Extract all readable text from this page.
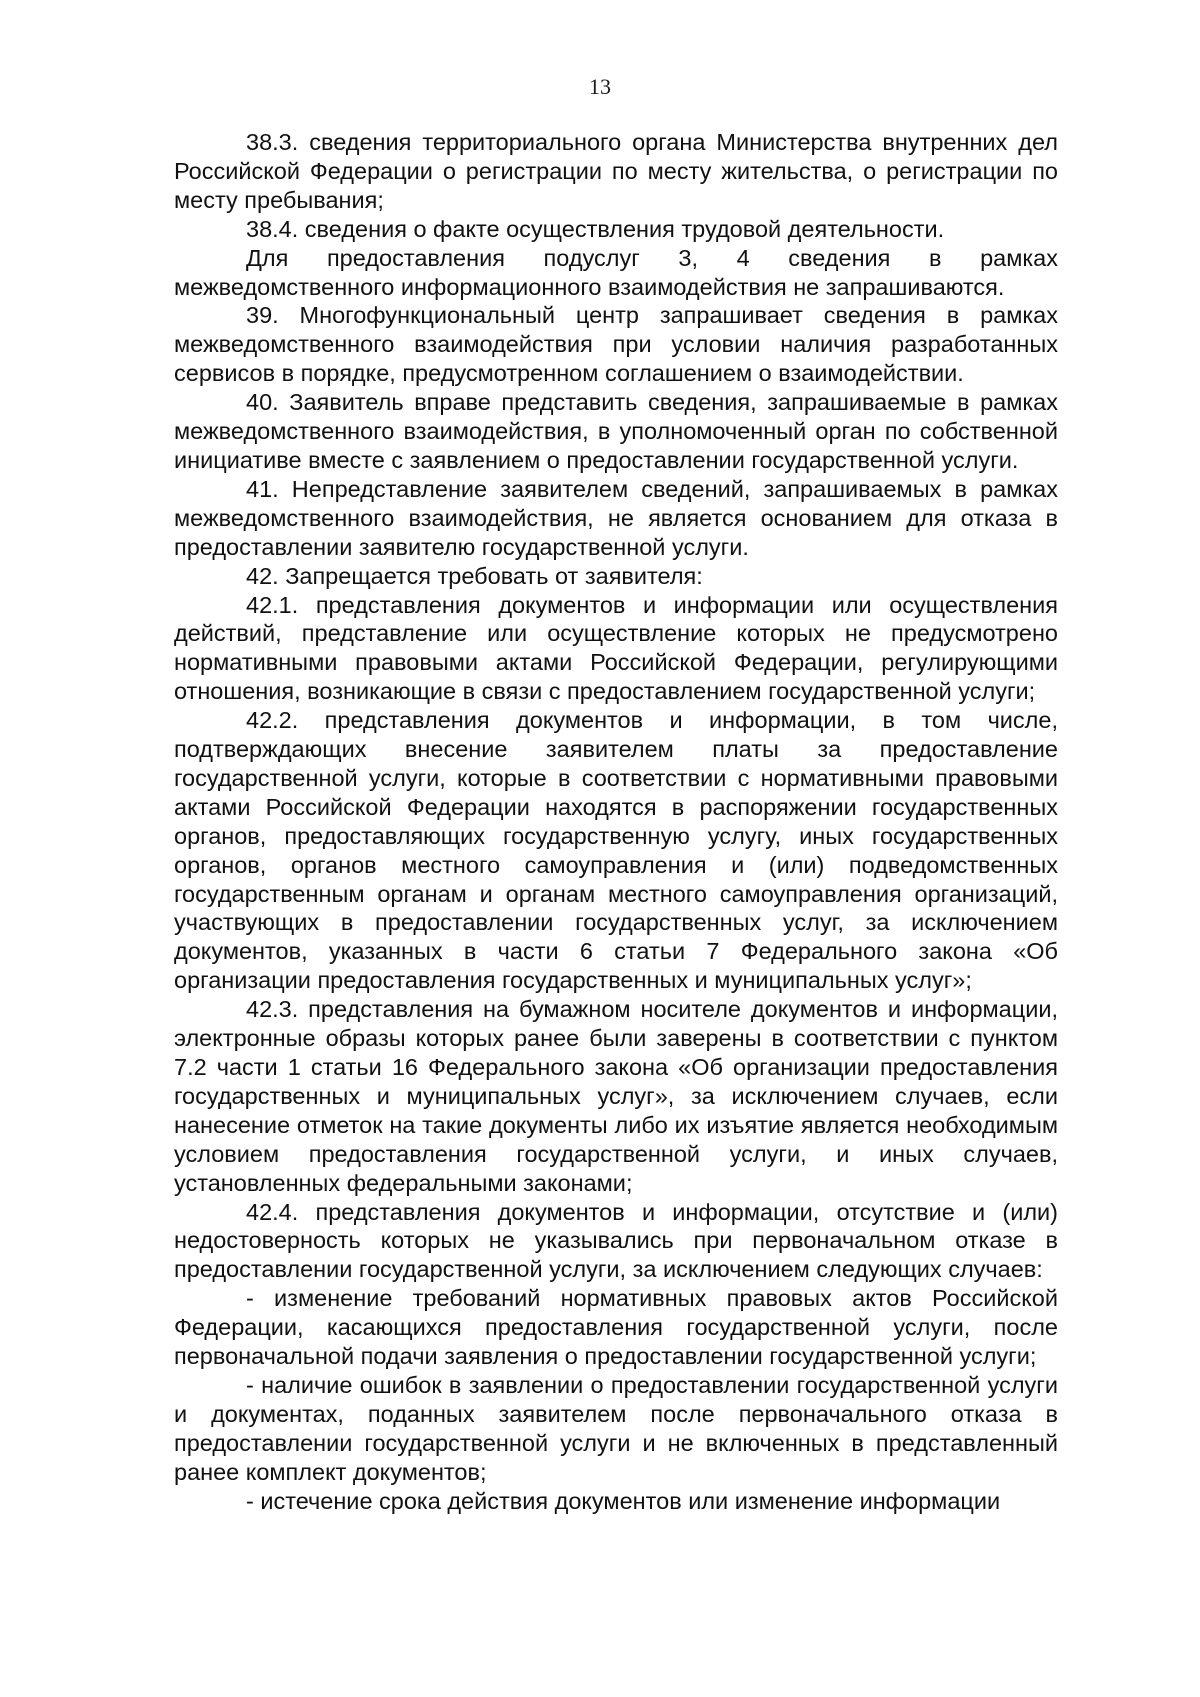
13

38.3. сведения территориального органа Министерства внутренних дел Российской Федерации о регистрации по месту жительства, о регистрации по месту пребывания;

38.4. сведения о факте осуществления трудовой деятельности.

Для предоставления подуслуг 3, 4 сведения в рамках межведомственного информационного взаимодействия не запрашиваются.

39. Многофункциональный центр запрашивает сведения в рамках межведомственного взаимодействия при условии наличия разработанных сервисов в порядке, предусмотренном соглашением о взаимодействии.

40. Заявитель вправе представить сведения, запрашиваемые в рамках межведомственного взаимодействия, в уполномоченный орган по собственной инициативе вместе с заявлением о предоставлении государственной услуги.

41. Непредставление заявителем сведений, запрашиваемых в рамках межведомственного взаимодействия, не является основанием для отказа в предоставлении заявителю государственной услуги.

42. Запрещается требовать от заявителя:

42.1. представления документов и информации или осуществления действий, представление или осуществление которых не предусмотрено нормативными правовыми актами Российской Федерации, регулирующими отношения, возникающие в связи с предоставлением государственной услуги;

42.2. представления документов и информации, в том числе, подтверждающих внесение заявителем платы за предоставление государственной услуги, которые в соответствии с нормативными правовыми актами Российской Федерации находятся в распоряжении государственных органов, предоставляющих государственную услугу, иных государственных органов, органов местного самоуправления и (или) подведомственных государственным органам и органам местного самоуправления организаций, участвующих в предоставлении государственных услуг, за исключением документов, указанных в части 6 статьи 7 Федерального закона «Об организации предоставления государственных и муниципальных услуг»;

42.3. представления на бумажном носителе документов и информации, электронные образы которых ранее были заверены в соответствии с пунктом 7.2 части 1 статьи 16 Федерального закона «Об организации предоставления государственных и муниципальных услуг», за исключением случаев, если нанесение отметок на такие документы либо их изъятие является необходимым условием предоставления государственной услуги, и иных случаев, установленных федеральными законами;

42.4. представления документов и информации, отсутствие и (или) недостоверность которых не указывались при первоначальном отказе в предоставлении государственной услуги, за исключением следующих случаев:

- изменение требований нормативных правовых актов Российской Федерации, касающихся предоставления государственной услуги, после первоначальной подачи заявления о предоставлении государственной услуги;

- наличие ошибок в заявлении о предоставлении государственной услуги и документах, поданных заявителем после первоначального отказа в предоставлении государственной услуги и не включенных в представленный ранее комплект документов;

- истечение срока действия документов или изменение информации
